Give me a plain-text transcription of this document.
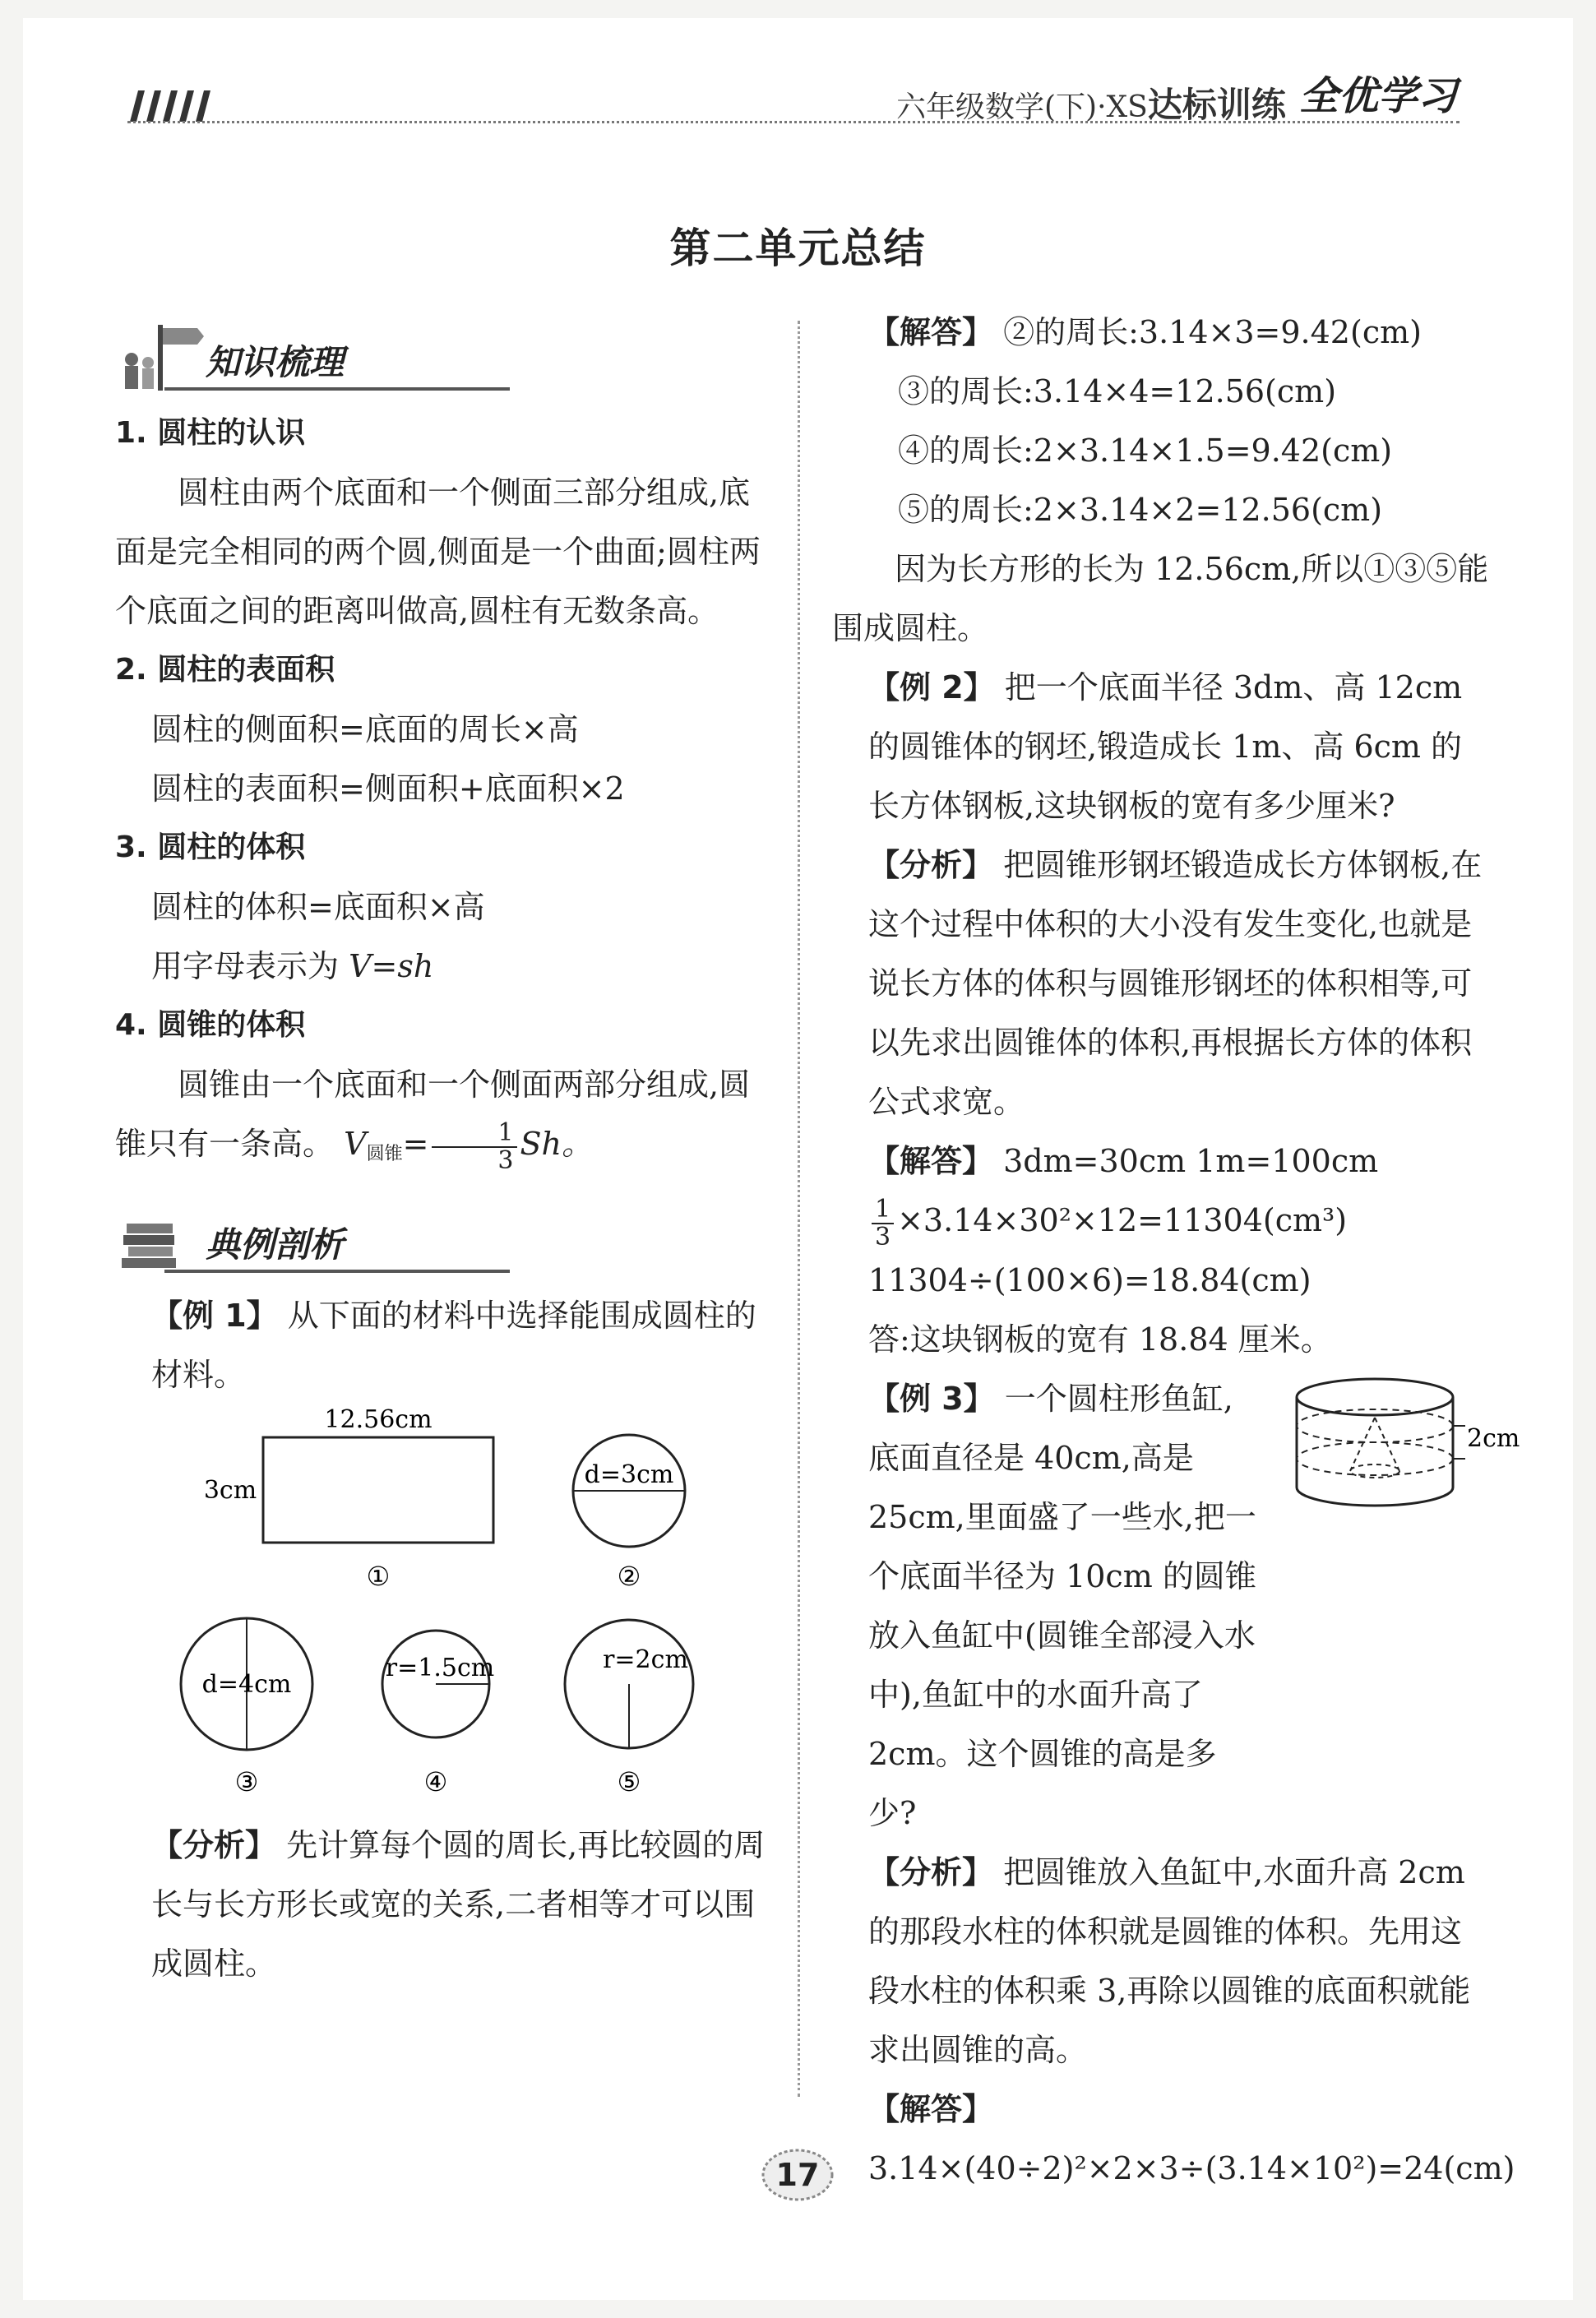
六年级数学(下)·XS达标训练 全优学习
第二单元总结
知识梳理
1. 圆柱的认识
圆柱由两个底面和一个侧面三部分组成,底面是完全相同的两个圆,侧面是一个曲面;圆柱两个底面之间的距离叫做高,圆柱有无数条高。
2. 圆柱的表面积
圆柱的侧面积=底面的周长×高
圆柱的表面积=侧面积+底面积×2
3. 圆柱的体积
圆柱的体积=底面积×高
用字母表示为 V=sh
4. 圆锥的体积
圆锥由一个底面和一个侧面两部分组成,圆锥只有一条高。 $V_{圆锥}= \frac{1}{3}$ Sh。
典例剖析
【例 1】 从下面的材料中选择能围成圆柱的材料。
12.56cm
3cm
①
d=3cm
②
d=4cm
③
r=1.5cm
④
r=2cm
⑤
【分析】 先计算每个圆的周长,再比较圆的周长与长方形长或宽的关系,二者相等才可以围成圆柱。
【解答】 ②的周长:3.14×3=9.42(cm)
③的周长:3.14×4=12.56(cm)
④的周长:2×3.14×1.5=9.42(cm)
⑤的周长:2×3.14×2=12.56(cm)
因为长方形的长为 12.56cm,所以①③⑤能围成圆柱。
【例 2】 把一个底面半径 3dm、高 12cm 的圆锥体的钢坯,锻造成长 1m、高 6cm 的长方体钢板,这块钢板的宽有多少厘米?
【分析】 把圆锥形钢坯锻造成长方体钢板,在这个过程中体积的大小没有发生变化,也就是说长方体的体积与圆锥形钢坯的体积相等,可以先求出圆锥体的体积,再根据长方体的体积公式求宽。
【解答】 3dm=30cm 1m=100cm
$\frac{1}{3} \times 3.14\times 30^2\times 12=11304(cm^3)$
11304÷(100×6)=18.84(cm)
答:这块钢板的宽有 18.84 厘米。
2cm
【例 3】 一个圆柱形鱼缸,底面直径是 40cm,高是 25cm,里面盛了一些水,把一个底面半径为 10cm 的圆锥放入鱼缸中(圆锥全部浸入水中),鱼缸中的水面升高了 2cm。这个圆锥的高是多少?
【分析】 把圆锥放入鱼缸中,水面升高 2cm 的那段水柱的体积就是圆锥的体积。先用这段水柱的体积乘 3,再除以圆锥的底面积就能求出圆锥的高。
【解答】 3.14×(40÷2)²×2×3÷(3.14×10²)=24(cm)
17
